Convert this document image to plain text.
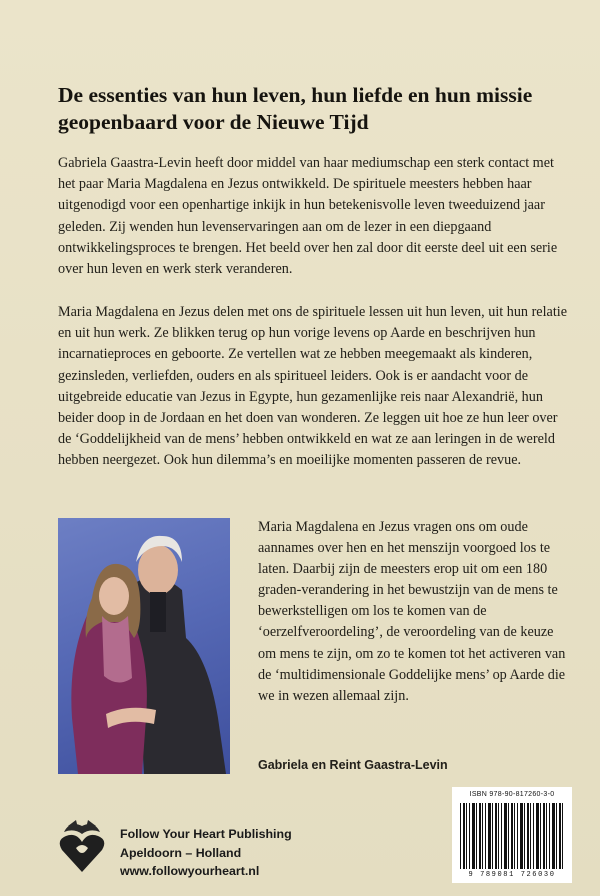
De essenties van hun leven, hun liefde en hun missie geopenbaard voor de Nieuwe Tijd
Gabriela Gaastra-Levin heeft door middel van haar mediumschap een sterk contact met het paar Maria Magdalena en Jezus ontwikkeld. De spirituele meesters hebben haar uitgenodigd voor een openhartige inkijk in hun betekenisvolle leven tweeduizend jaar geleden. Zij wenden hun levenservaringen aan om de lezer in een diepgaand ontwikkelingsproces te brengen. Het beeld over hen zal door dit eerste deel uit een serie over hun leven en werk sterk veranderen.
Maria Magdalena en Jezus delen met ons de spirituele lessen uit hun leven, uit hun relatie en uit hun werk. Ze blikken terug op hun vorige levens op Aarde en beschrijven hun incarnatieproces en geboorte. Ze vertellen wat ze hebben meegemaakt als kinderen, gezinsleden, verliefden, ouders en als spiritueel leiders. Ook is er aandacht voor de uitgebreide educatie van Jezus in Egypte, hun gezamenlijke reis naar Alexandrië, hun beider doop in de Jordaan en het doen van wonderen. Ze leggen uit hoe ze hun leer over de ‘Goddelijkheid van de mens’ hebben ontwikkeld en wat ze aan leringen in de wereld hebben neergezet. Ook hun dilemma’s en moeilijke momenten passeren de revue.
Maria Magdalena en Jezus vragen ons om oude aannames over hen en het menszijn voorgoed los te laten. Daarbij zijn de meesters erop uit om een 180 graden-verandering in het bewustzijn van de mens te bewerkstelligen om los te komen van de ‘oerzelfveroordeling’, de veroordeling van de keuze om mens te zijn, om zo te komen tot het activeren van de ‘multidimensionale Goddelijke mens’ op Aarde die we in wezen allemaal zijn.
Gabriela en Reint Gaastra-Levin
Follow Your Heart Publishing
Apeldoorn – Holland
www.followyourheart.nl
ISBN 978-90-817260-3-0
9 789081 726030
